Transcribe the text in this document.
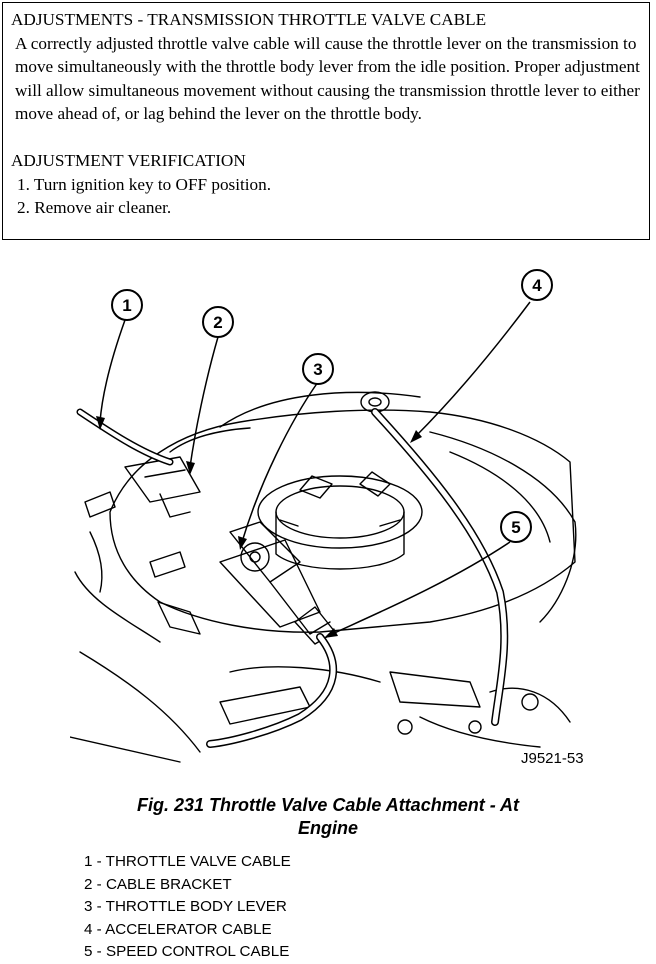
ADJUSTMENTS - TRANSMISSION THROTTLE VALVE CABLE

A correctly adjusted throttle valve cable will cause the throttle lever on the transmission to move simultaneously with the throttle body lever from the idle position. Proper adjustment will allow simultaneous movement without causing the transmission throttle lever to either move ahead of, or lag behind the lever on the throttle body.

ADJUSTMENT VERIFICATION

1. Turn ignition key to OFF position.

2. Remove air cleaner.

1
2
3
4
5
J9521-53
Fig. 231 Throttle Valve Cable Attachment - At
Engine
1 - THROTTLE VALVE CABLE
2 - CABLE BRACKET
3 - THROTTLE BODY LEVER
4 - ACCELERATOR CABLE
5 - SPEED CONTROL CABLE
